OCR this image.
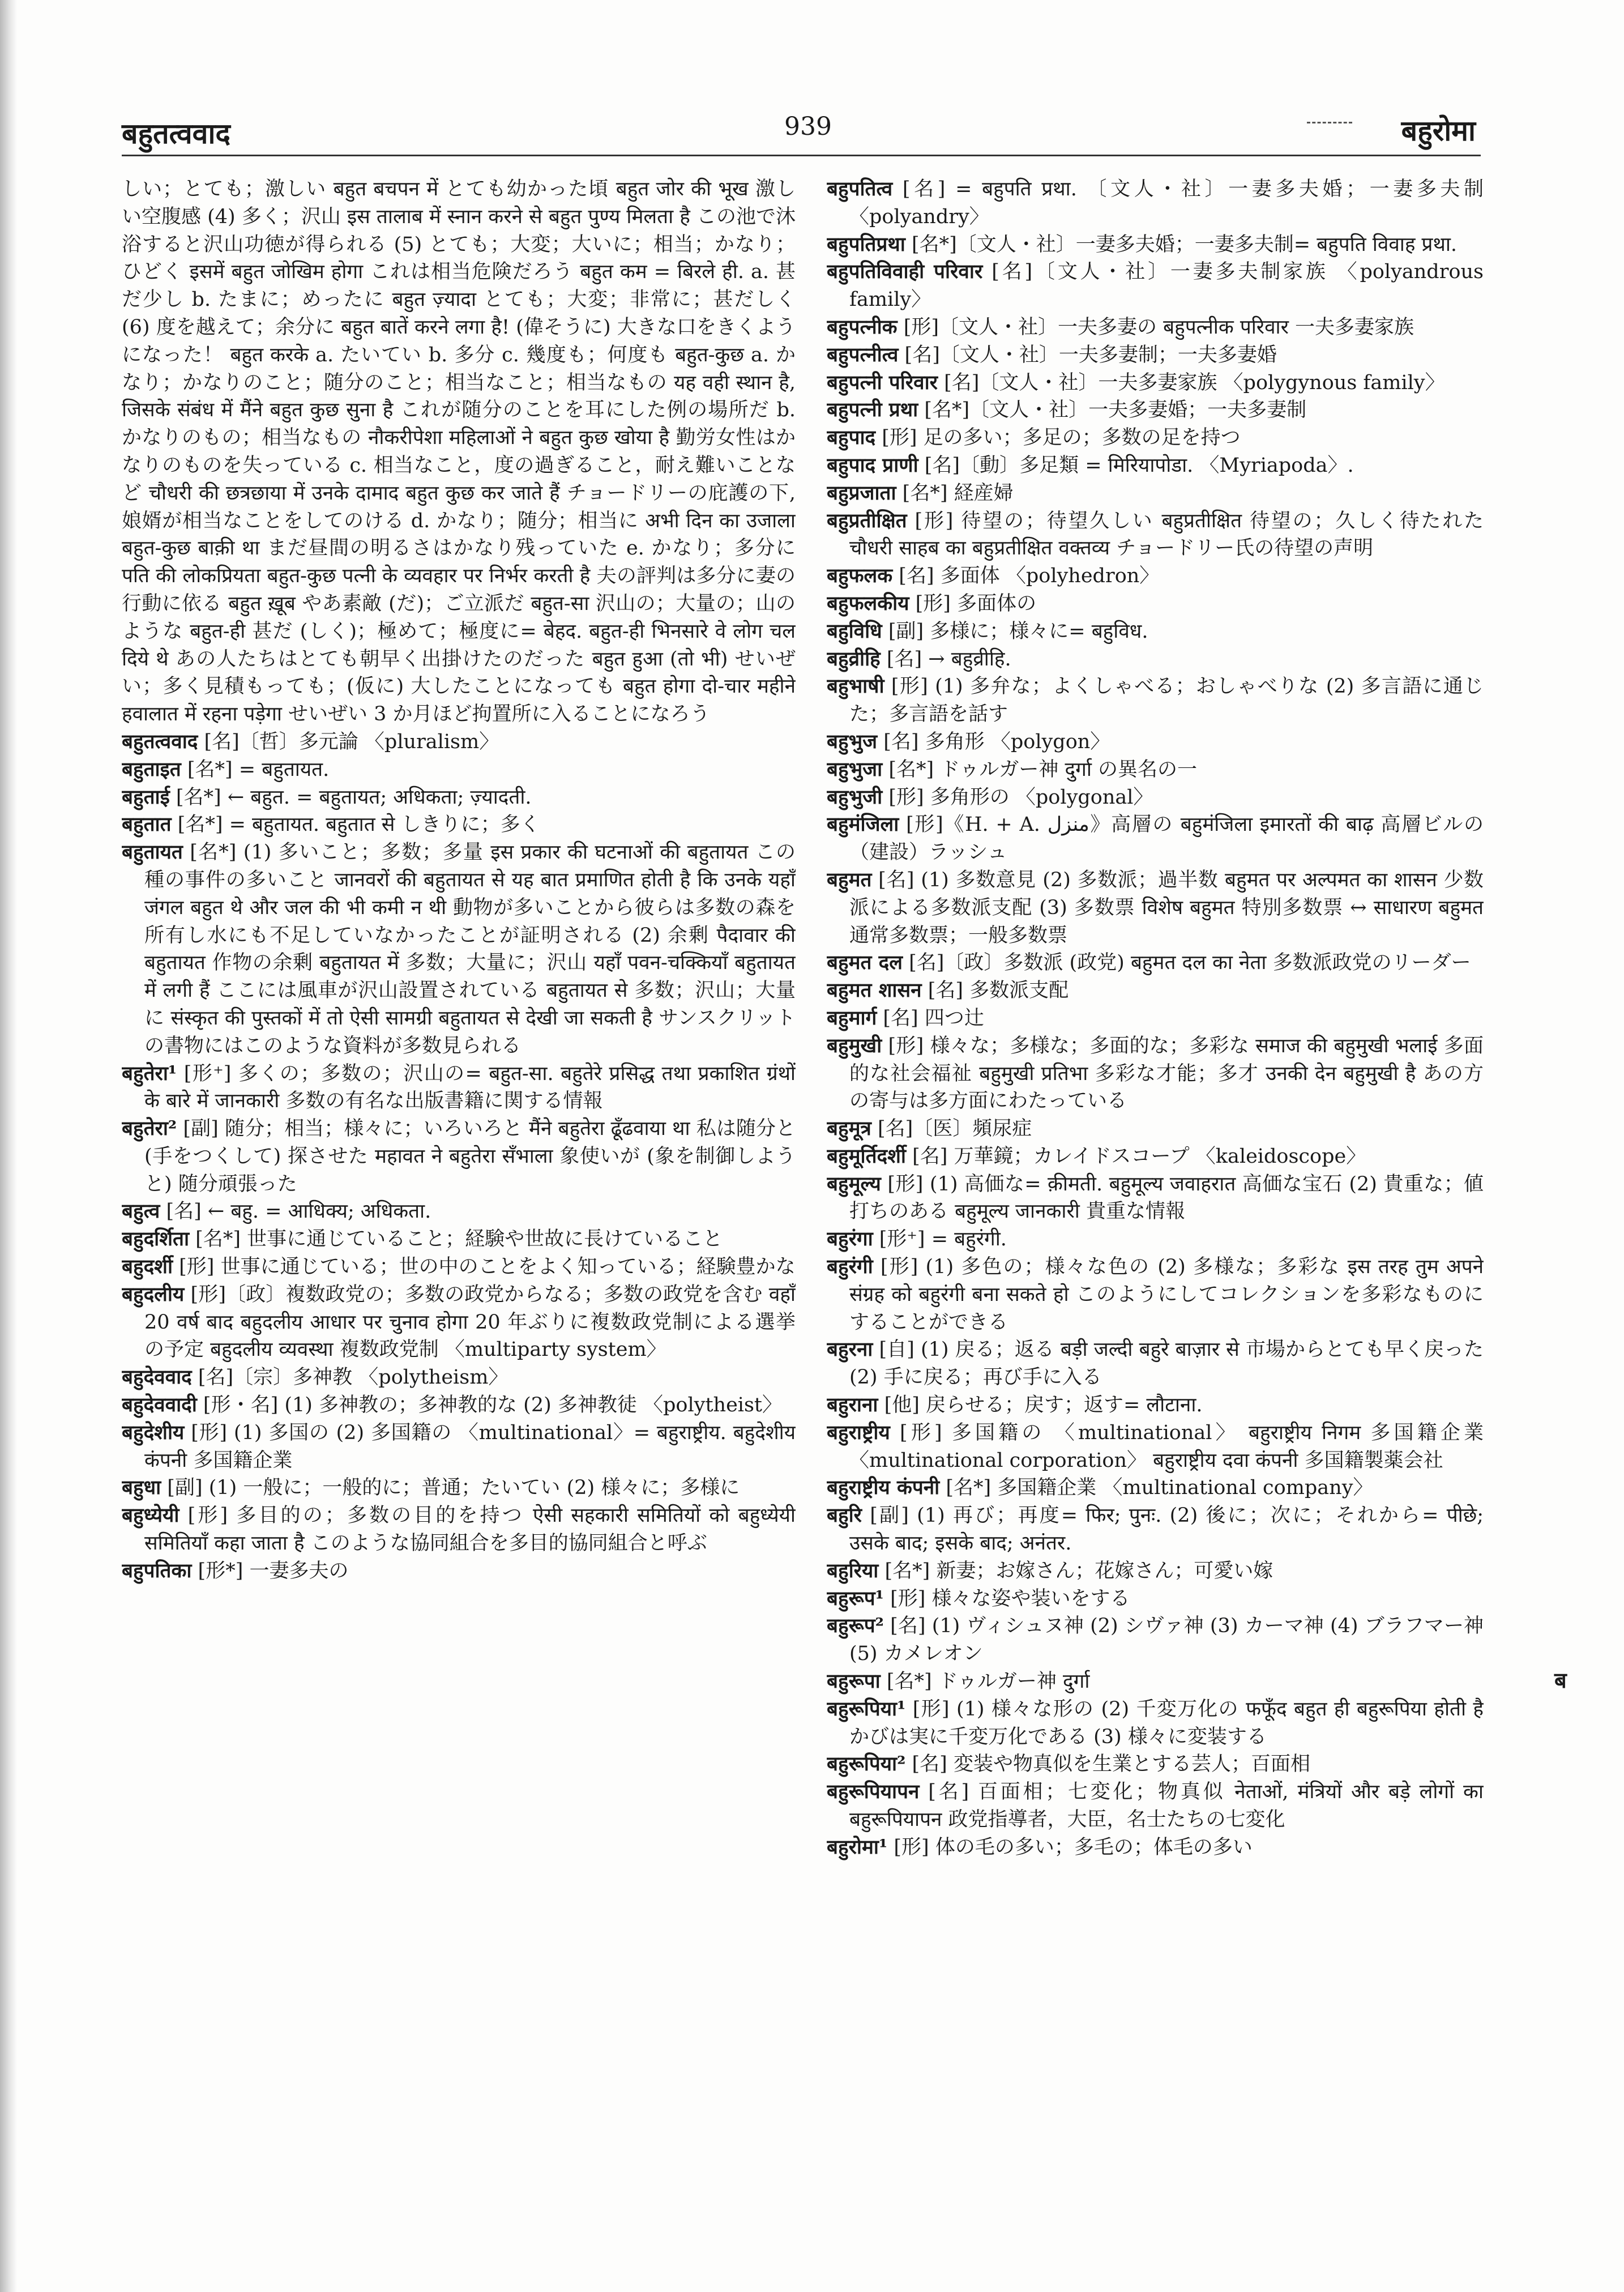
बहुतत्ववाद	939	बहुरोमा

しい；とても；激しい बहुत बचपन में とても幼かった頃 बहुत जोर की भूख 激しい空腹感 (4) 多く；沢山 इस तालाब में स्नान करने से बहुत पुण्य मिलता है この池で沐浴すると沢山功徳が得られる (5) とても；大変；大いに；相当；かなり；ひどく इसमें बहुत जोखिम होगा これは相当危険だろう बहुत कम = बिरले ही. a. 甚だ少し b. たまに；めったに बहुत ज़्यादा とても；大変；非常に；甚だしく (6) 度を越えて；余分に बहुत बातें करने लगा है! (偉そうに) 大きな口をきくようになった！ बहुत करके a. たいてい b. 多分 c. 幾度も；何度も बहुत-कुछ a. かなり；かなりのこと；随分のこと；相当なこと；相当なもの यह वही स्थान है, जिसके संबंध में मैंने बहुत कुछ सुना है これが随分のことを耳にした例の場所だ b. かなりのもの；相当なもの नौकरीपेशा महिलाओं ने बहुत कुछ खोया है 勤労女性はかなりのものを失っている c. 相当なこと，度の過ぎること，耐え難いことなど चौधरी की छत्रछाया में उनके दामाद बहुत कुछ कर जाते हैं チョードリーの庇護の下, 娘婿が相当なことをしてのける d. かなり；随分；相当に अभी दिन का उजाला बहुत-कुछ बाक़ी था まだ昼間の明るさはかなり残っていた e. かなり；多分に पति की लोकप्रियता बहुत-कुछ पत्नी के व्यवहार पर निर्भर करती है 夫の評判は多分に妻の行動に依る बहुत ख़ूब やあ素敵 (だ)；ご立派だ बहुत-सा 沢山の；大量の；山のような बहुत-ही 甚だ (しく)；極めて；極度に= बेहद. बहुत-ही भिनसारे वे लोग चल दिये थे あの人たちはとても朝早く出掛けたのだった बहुत हुआ (तो भी) せいぜい；多く見積もっても；(仮に) 大したことになっても बहुत होगा दो-चार महीने हवालात में रहना पड़ेगा せいぜい 3 か月ほど拘置所に入ることになろう

बहुतत्ववाद [名]〔哲〕多元論 〈pluralism〉

बहुताइत [名*] = बहुतायत.

बहुताई [名*] ← बहुत. = बहुतायत; अधिकता; ज़्यादती.

बहुतात [名*] = बहुतायत. बहुतात से しきりに；多く

बहुतायत [名*] (1) 多いこと；多数；多量 इस प्रकार की घटनाओं की बहुतायत この種の事件の多いこと जानवरों की बहुतायत से यह बात प्रमाणित होती है कि उनके यहाँ जंगल बहुत थे और जल की भी कमी न थी 動物が多いことから彼らは多数の森を所有し水にも不足していなかったことが証明される (2) 余剰 पैदावार की बहुतायत 作物の余剰 बहुतायत में 多数；大量に；沢山 यहाँ पवन-चक्कियाँ बहुतायत में लगी हैं ここには風車が沢山設置されている बहुतायत से 多数；沢山；大量に संस्कृत की पुस्तकों में तो ऐसी सामग्री बहुतायत से देखी जा सकती है サンスクリットの書物にはこのような資料が多数見られる

बहुतेरा¹ [形⁺] 多くの；多数の；沢山の= बहुत-सा. बहुतेरे प्रसिद्ध तथा प्रकाशित ग्रंथों के बारे में जानकारी 多数の有名な出版書籍に関する情報

बहुतेरा² [副] 随分；相当；様々に；いろいろと मैंने बहुतेरा ढूँढवाया था 私は随分と (手をつくして) 探させた महावत ने बहुतेरा सँभाला 象使いが (象を制御しようと) 随分頑張った

बहुत्व [名] ← बहु. = आधिक्य; अधिकता.

बहुदर्शिता [名*] 世事に通じていること；経験や世故に長けていること

बहुदर्शी [形] 世事に通じている；世の中のことをよく知っている；経験豊かな

बहुदलीय [形]〔政〕複数政党の；多数の政党からなる；多数の政党を含む वहाँ 20 वर्ष बाद बहुदलीय आधार पर चुनाव होगा 20 年ぶりに複数政党制による選挙の予定 बहुदलीय व्यवस्था 複数政党制 〈multiparty system〉

बहुदेववाद [名]〔宗〕多神教 〈polytheism〉

बहुदेववादी [形・名] (1) 多神教の；多神教的な (2) 多神教徒 〈polytheist〉

बहुदेशीय [形] (1) 多国の (2) 多国籍の 〈multinational〉= बहुराष्ट्रीय. बहुदेशीय कंपनी 多国籍企業

बहुधा [副] (1) 一般に；一般的に；普通；たいてい (2) 様々に；多様に

बहुध्येयी [形] 多目的の；多数の目的を持つ ऐसी सहकारी समितियों को बहुध्येयी समितियाँ कहा जाता है このような協同組合を多目的協同組合と呼ぶ

बहुपतिका [形*] 一妻多夫の

बहुपतित्व [名] = बहुपति प्रथा. 〔文人・社〕一妻多夫婚；一妻多夫制 〈polyandry〉

बहुपतिप्रथा [名*]〔文人・社〕一妻多夫婚；一妻多夫制= बहुपति विवाह प्रथा.

बहुपतिविवाही परिवार [名]〔文人・社〕一妻多夫制家族 〈polyandrous family〉

बहुपत्नीक [形]〔文人・社〕一夫多妻の बहुपत्नीक परिवार 一夫多妻家族

बहुपत्नीत्व [名]〔文人・社〕一夫多妻制；一夫多妻婚

बहुपत्नी परिवार [名]〔文人・社〕一夫多妻家族 〈polygynous family〉

बहुपत्नी प्रथा [名*]〔文人・社〕一夫多妻婚；一夫多妻制

बहुपाद [形] 足の多い；多足の；多数の足を持つ

बहुपाद प्राणी [名]〔動〕多足類 = मिरियापोडा. 〈Myriapoda〉.

बहुप्रजाता [名*] 経産婦

बहुप्रतीक्षित [形] 待望の；待望久しい बहुप्रतीक्षित 待望の；久しく待たれた चौधरी साहब का बहुप्रतीक्षित वक्तव्य チョードリー氏の待望の声明

बहुफलक [名] 多面体 〈polyhedron〉

बहुफलकीय [形] 多面体の

बहुविधि [副] 多様に；様々に= बहुविध.

बहुव्रीहि [名] → बहुव्रीहि.

बहुभाषी [形] (1) 多弁な；よくしゃべる；おしゃべりな (2) 多言語に通じた；多言語を話す

बहुभुज [名] 多角形 〈polygon〉

बहुभुजा [名*] ドゥルガー神 दुर्गा の異名の一

बहुभुजी [形] 多角形の 〈polygonal〉

बहुमंजिला [形]《H. + A. منزل》高層の बहुमंजिला इमारतों की बाढ़ 高層ビルの（建設）ラッシュ

बहुमत [名] (1) 多数意見 (2) 多数派；過半数 बहुमत पर अल्पमत का शासन 少数派による多数派支配 (3) 多数票 विशेष बहुमत 特別多数票 ↔ साधारण बहुमत 通常多数票；一般多数票

बहुमत दल [名]〔政〕多数派 (政党) बहुमत दल का नेता 多数派政党のリーダー

बहुमत शासन [名] 多数派支配

बहुमार्ग [名] 四つ辻

बहुमुखी [形] 様々な；多様な；多面的な；多彩な समाज की बहुमुखी भलाई 多面的な社会福祉 बहुमुखी प्रतिभा 多彩な才能；多才 उनकी देन बहुमुखी है あの方の寄与は多方面にわたっている

बहुमूत्र [名]〔医〕頻尿症

बहुमूर्तिदर्शी [名] 万華鏡；カレイドスコープ 〈kaleidoscope〉

बहुमूल्य [形] (1) 高価な= क़ीमती. बहुमूल्य जवाहरात 高価な宝石 (2) 貴重な；値打ちのある बहुमूल्य जानकारी 貴重な情報

बहुरंगा [形⁺] = बहुरंगी.

बहुरंगी [形] (1) 多色の；様々な色の (2) 多様な；多彩な इस तरह तुम अपने संग्रह को बहुरंगी बना सकते हो このようにしてコレクションを多彩なものにすることができる

बहुरना [自] (1) 戻る；返る बड़ी जल्दी बहुरे बाज़ार से 市場からとても早く戻った (2) 手に戻る；再び手に入る

बहुराना [他] 戻らせる；戻す；返す= लौटाना.

बहुराष्ट्रीय [形] 多国籍の 〈multinational〉 बहुराष्ट्रीय निगम 多国籍企業 〈multinational corporation〉 बहुराष्ट्रीय दवा कंपनी 多国籍製薬会社

बहुराष्ट्रीय कंपनी [名*] 多国籍企業 〈multinational company〉

बहुरि [副] (1) 再び；再度= फिर; पुनः. (2) 後に；次に；それから= पीछे; उसके बाद; इसके बाद; अनंतर.

बहुरिया [名*] 新妻；お嫁さん；花嫁さん；可愛い嫁

बहुरूप¹ [形] 様々な姿や装いをする

बहुरूप² [名] (1) ヴィシュヌ神 (2) シヴァ神 (3) カーマ神 (4) ブラフマー神 (5) カメレオン

बहुरूपा [名*] ドゥルガー神 दुर्गा

बहुरूपिया¹ [形] (1) 様々な形の (2) 千変万化の फफूँद बहुत ही बहुरूपिया होती है かびは実に千変万化である (3) 様々に変装する

बहुरूपिया² [名] 変装や物真似を生業とする芸人；百面相

बहुरूपियापन [名] 百面相；七変化；物真似 नेताओं, मंत्रियों और बड़े लोगों का बहुरूपियापन 政党指導者，大臣，名士たちの七変化

बहुरोमा¹ [形] 体の毛の多い；多毛の；体毛の多い

ब
